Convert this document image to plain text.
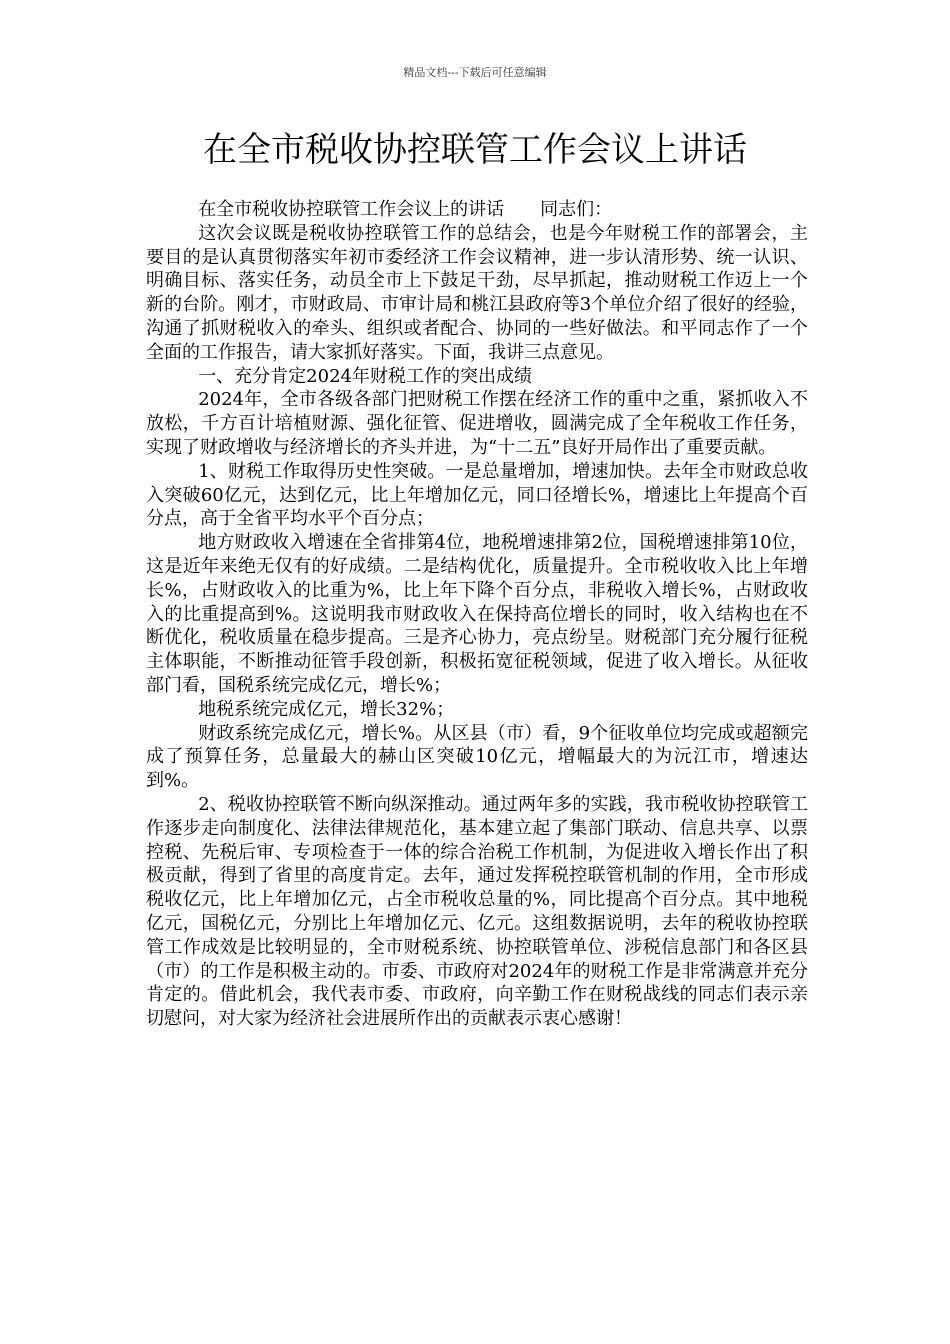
精品文档---下载后可任意编辑
在全市税收协控联管工作会议上讲话

在全市税收协控联管工作会议上的讲话　　同志们：

这次会议既是税收协控联管工作的总结会，也是今年财税工作的部署会，主要目的是认真贯彻落实年初市委经济工作会议精神，进一步认清形势、统一认识、明确目标、落实任务，动员全市上下鼓足干劲，尽早抓起，推动财税工作迈上一个新的台阶。刚才，市财政局、市审计局和桃江县政府等3个单位介绍了很好的经验，沟通了抓财税收入的牵头、组织或者配合、协同的一些好做法。和平同志作了一个全面的工作报告，请大家抓好落实。下面，我讲三点意见。

一、充分肯定2024年财税工作的突出成绩

2024年，全市各级各部门把财税工作摆在经济工作的重中之重，紧抓收入不放松，千方百计培植财源、强化征管、促进增收，圆满完成了全年税收工作任务，实现了财政增收与经济增长的齐头并进，为“十二五”良好开局作出了重要贡献。

1、财税工作取得历史性突破。一是总量增加，增速加快。去年全市财政总收入突破60亿元，达到亿元，比上年增加亿元，同口径增长%，增速比上年提高个百分点，高于全省平均水平个百分点；

地方财政收入增速在全省排第4位，地税增速排第2位，国税增速排第10位，这是近年来绝无仅有的好成绩。二是结构优化，质量提升。全市税收收入比上年增长%，占财政收入的比重为%，比上年下降个百分点，非税收入增长%，占财政收入的比重提高到%。这说明我市财政收入在保持高位增长的同时，收入结构也在不断优化，税收质量在稳步提高。三是齐心协力，亮点纷呈。财税部门充分履行征税主体职能，不断推动征管手段创新，积极拓宽征税领域，促进了收入增长。从征收部门看，国税系统完成亿元，增长%；

地税系统完成亿元，增长32%；

财政系统完成亿元，增长%。从区县（市）看，9个征收单位均完成或超额完成了预算任务，总量最大的赫山区突破10亿元，增幅最大的为沅江市，增速达到%。

2、税收协控联管不断向纵深推动。通过两年多的实践，我市税收协控联管工作逐步走向制度化、法律法律规范化，基本建立起了集部门联动、信息共享、以票控税、先税后审、专项检查于一体的综合治税工作机制，为促进收入增长作出了积极贡献，得到了省里的高度肯定。去年，通过发挥税控联管机制的作用，全市形成税收亿元，比上年增加亿元，占全市税收总量的%，同比提高个百分点。其中地税亿元，国税亿元，分别比上年增加亿元、亿元。这组数据说明，去年的税收协控联管工作成效是比较明显的，全市财税系统、协控联管单位、涉税信息部门和各区县（市）的工作是积极主动的。市委、市政府对2024年的财税工作是非常满意并充分肯定的。借此机会，我代表市委、市政府，向辛勤工作在财税战线的同志们表示亲切慰问，对大家为经济社会进展所作出的贡献表示衷心感谢！
